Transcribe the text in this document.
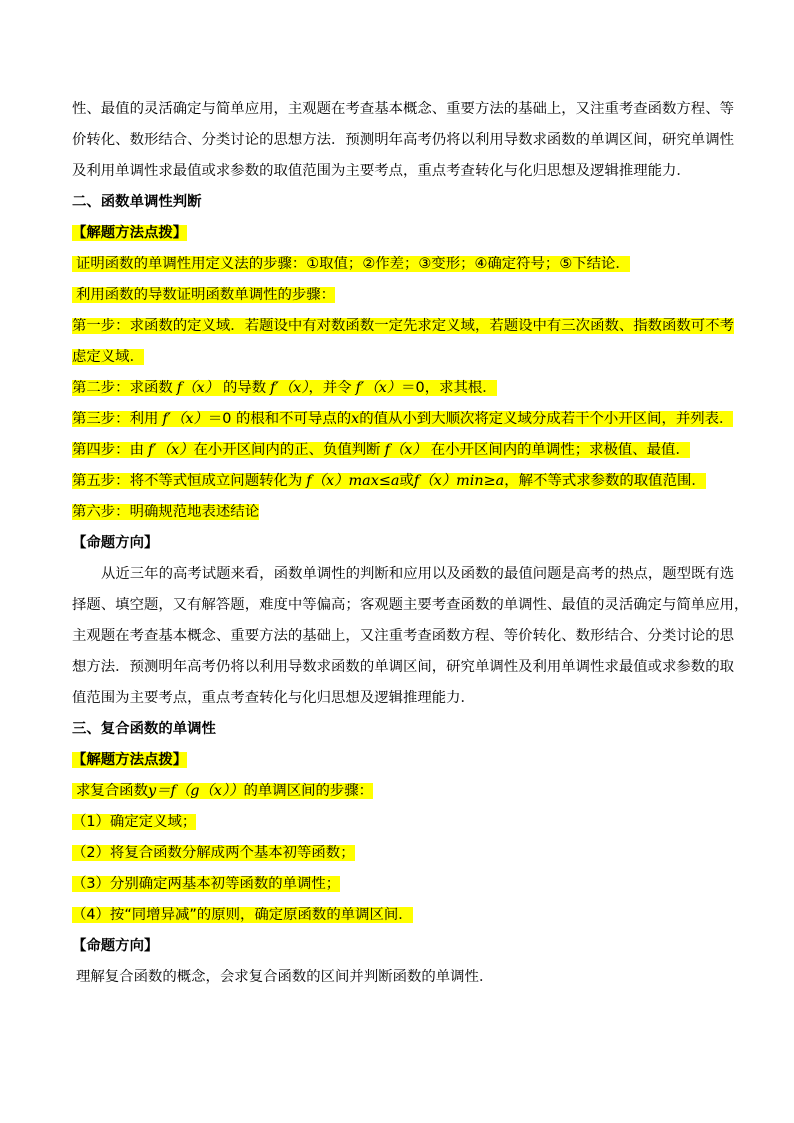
性、最值的灵活确定与简单应用，主观题在考查基本概念、重要方法的基础上，又注重考查函数方程、等
价转化、数形结合、分类讨论的思想方法．预测明年高考仍将以利用导数求函数的单调区间，研究单调性
及利用单调性求最值或求参数的取值范围为主要考点，重点考查转化与化归思想及逻辑推理能力．
二、函数单调性判断
【解题方法点拨】
证明函数的单调性用定义法的步骤：①取值；②作差；③变形；④确定符号；⑤下结论．
利用函数的导数证明函数单调性的步骤：
第一步：求函数的定义域．若题设中有对数函数一定先求定义域，若题设中有三次函数、指数函数可不考
虑定义域．
第二步：求函数 f（x） 的导数 f′（x），并令 f′（x）＝0，求其根．
第三步：利用 f′（x）＝0 的根和不可导点的x的值从小到大顺次将定义域分成若干个小开区间，并列表．
第四步：由 f′（x）在小开区间内的正、负值判断 f（x） 在小开区间内的单调性；求极值、最值．
第五步：将不等式恒成立问题转化为 f（x）max≤a或f（x）min≥a，解不等式求参数的取值范围．
第六步：明确规范地表述结论
【命题方向】
从近三年的高考试题来看，函数单调性的判断和应用以及函数的最值问题是高考的热点，题型既有选
择题、填空题，又有解答题，难度中等偏高；客观题主要考查函数的单调性、最值的灵活确定与简单应用，
主观题在考查基本概念、重要方法的基础上，又注重考查函数方程、等价转化、数形结合、分类讨论的思
想方法．预测明年高考仍将以利用导数求函数的单调区间，研究单调性及利用单调性求最值或求参数的取
值范围为主要考点，重点考查转化与化归思想及逻辑推理能力．
三、复合函数的单调性
【解题方法点拨】
求复合函数y＝f（g（x））的单调区间的步骤：
（1）确定定义域；
（2）将复合函数分解成两个基本初等函数；
（3）分别确定两基本初等函数的单调性；
（4）按“同增异减”的原则，确定原函数的单调区间．
【命题方向】
理解复合函数的概念，会求复合函数的区间并判断函数的单调性．
